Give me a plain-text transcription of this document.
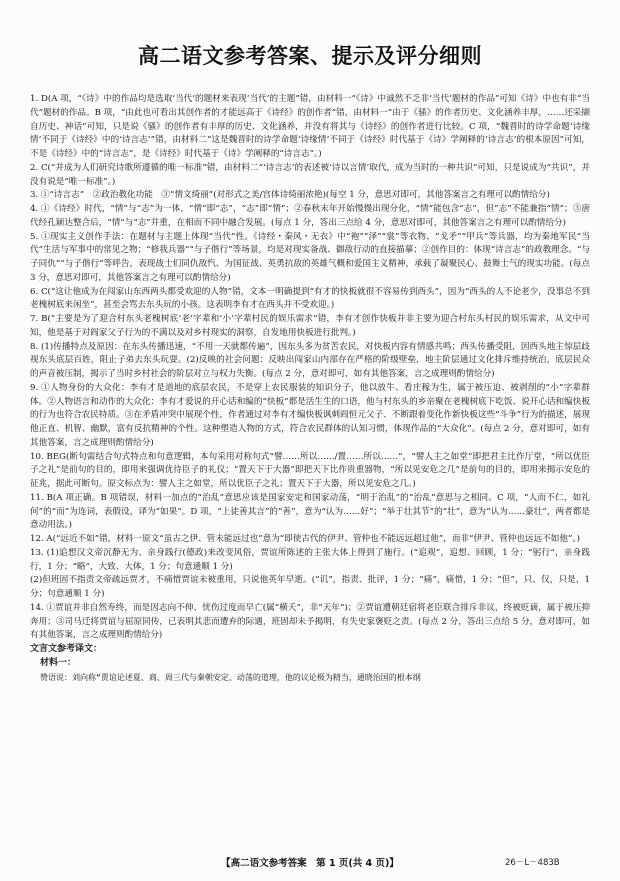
高二语文参考答案、提示及评分细则

1. D(A 项，“《诗》中的作品均是选取‘当代’的题材来表现‘当代’的主题”错，由材料一“《诗》中诚然不乏非‘当代’题材的作品”可知《诗》中也有非“当代”题材的作品。B 项，“由此也可看出其创作者的才能远高于《诗经》的创作者”错，由材料一“由于《骚》的作者历史、文化涵养丰厚，……还采撷自历史、神话”可知，只是说《骚》的创作者有丰厚的历史、文化涵养，并没有将其与《诗经》的创作者进行比较。C 项，“魏晋时的诗学命题‘诗缘情’不同于《诗经》中的‘诗言志’”错，由材料二“这是魏晋时的诗学命题‘诗缘情’不同于《诗经》时代基于《诗》学阐释的‘诗言志’的根本原因”可知，不是《诗经》中的“诗言志”，是《诗经》时代基于《诗》学阐释的“诗言志”。)

2. C(“并成为人们研究诗歌所遵循的唯一标准”错，由材料二“‘诗言志’的表述被‘诗以言情’取代，成为当时的一种共识”可知，只是说成为“共识”，并没有说是“唯一标准”。)

3. ①“诗言志”　②政治教化功能　③“情文绮丽”(对形式之美/宫体诗绮丽浓艳)(每空 1 分，意思对即可，其他答案言之有理可以酌情给分)

4. ①《诗经》时代，“情”与“志”为一体，“情”即“志”，“志”即“情”；②春秋末年开始慢慢出现分化，“情”能包含“志”，但“志”不能兼指“情”；③唐代经孔颖达整合后，“情”与“志”并重，在相而不同中融合发展。(每点 1 分，答出三点给 4 分，意思对即可，其他答案言之有理可以酌情给分)

5. ①现实主义创作手法：在题材与主题上体现“当代”性。《诗经・秦风・无衣》中“袍”“泽”“裳”等衣物、“戈矛”“甲兵”等兵器，均为秦地军民“当代”生活与军事中的常见之物；“修我兵器”“与子偕行”等场景，均是对现实备战、御敌行动的直接描摹；②创作目的：体现“诗言志”的政教理念。“与子同仇”“与子偕行”等呼告，表现战士们同仇敌忾、为国征战、英勇抗敌的英雄气概和爱国主义精神，承载了凝聚民心、鼓舞士气的现实功能。(每点 3 分，意思对即可，其他答案言之有理可以酌情给分)

6. C(“这让他成为在闯家山东西两头都受欢迎的人物”错，文本一明确提到“有才的快板就很不容易传到西头”，因为“西头的人不论老少，没事总不到老槐树底来闲坐”，甚至会骂去东头玩的小孩。这表明李有才在西头并不受欢迎。)

7. B(“主要是为了迎合村东头老槐树底‘老’字辈和‘小’字辈村民的娱乐需求”错，李有才创作快板并非主要为迎合村东头村民的娱乐需求，从文中可知，他是基于对阎家父子行为的不满以及对乡村现实的洞察，自发地用快板进行批判。)

8. (1)传播特点及原因：在东头传播迅速，“不用一天就都传遍”，因东头多为贫苦农民，对快板内容有情感共鸣；西头传播受阻，因西头地主惊层歧视东头底层百姓，阻止子弟去东头玩耍。(2)反映的社会问题：反映出闯家山内部存在严格的阶级壁垒，地主阶层通过文化排斥维持统治，底层民众的声音被压制，揭示了当时乡村社会的阶层对立与权力失衡。(每点 2 分，意对即可，如有其他答案，言之成理则酌情给分)

9. ①人物身份的大众化：李有才是道地的底层农民，不是穿上农民服装的知识分子，他以放牛、看庄稼为生，属于被压迫、被剥削的“小”字辈群体。②人物语言和动作的大众化：李有才爱说的开心话和编的“快板”都是活生生的口语，他与村东头的乡亲聚在老槐树底下吃饭、说开心话和编快板的行为也符合农民特质。③在矛盾冲突中展现个性，作者通过对李有才编快板讽刺阎恒元父子、不断跟着变化作新快板这些“斗争”行为的描述，展现他正直、机智、幽默，富有反抗精神的个性。这种塑造人物的方式，符合农民群体的认知习惯，体现作品的“大众化”。(每点 2 分，意对即可，如有其他答案，言之成理则酌情给分)

10. BEG(断句需结合句式特点和句意逻辑，本句采用对称句式“譬……所以……/置……所以……”，“譬人主之如堂”即把君主比作厅堂，“所以优臣子之礼”是前句的目的，即用来强调优待臣子的礼仪；“置天下于大器”即把天下比作贵重器物，“所以见安危之几”是前句的目的，即用来揭示安危的征兆，据此可断句。原文标点为：譬人主之如堂，所以优臣子之礼；置天下于大器，所以见安危之几。)

11. B(A 项正确。B 项错误，材料一加点的“治乱”意思应该是国家安定和国家动荡，“明于治乱”的“治乱”意思与之相同。C 项，“人而不仁，如礼何”的“而”为连词，表假设，译为“如果”。D 项，“上徒善其言”的“善”，意为“认为……好”；“举于壮其节”的“壮”，意为“认为……豪壮”，两者都是意动用法。)

12. A(“远近不如”错，材料一原文“虽古之伊、管未能远过也”意为“即使古代的伊尹、管仲也不能远远超过他”，而非“伊尹、管仲也远远不如他”。)

13. (1)追想汉文帝沉静无为、亲身践行(德政)来改变风俗，贾谊所陈述的主张大体上得到了施行。(“追观”，追想、回顾，1 分；“躬行”，亲身践行，1 分；“略”，大致、大体，1 分；句意通顺 1 分)
(2)但班固不指责文帝疏远贾才，不痛惜贾谊未被重用，只说他英年早逝。(“讥”，指责、批评，1 分；“痛”，痛惜，1 分；“但”，只、仅，只是，1 分；句意通顺 1 分)

14. ①贾谊并非自然寿终，而是因志向不伸、忧伤过度而早亡(属“横夭”，非“天年”)；②贾谊遭朝廷宿将老臣联合排斥非议，终被贬谪，属于被压抑奔用；③司马迁将贾谊与屈原同传，已表明其悲而遭弃的际遇，班固却未予揭明，有失史家褒贬之责。(每点 2 分，答出三点给 5 分，意对即可，如有其他答案，言之成理则酌情给分)

文言文参考译文：
材料一：
赞语说：刘向称“贾谊论述夏、商、周三代与秦朝安定、动荡的道理，他的议论极为精当，通晓治国的根本纲
【高二语文参考答案　第 1 页(共 4 页)】	26－L－483B
